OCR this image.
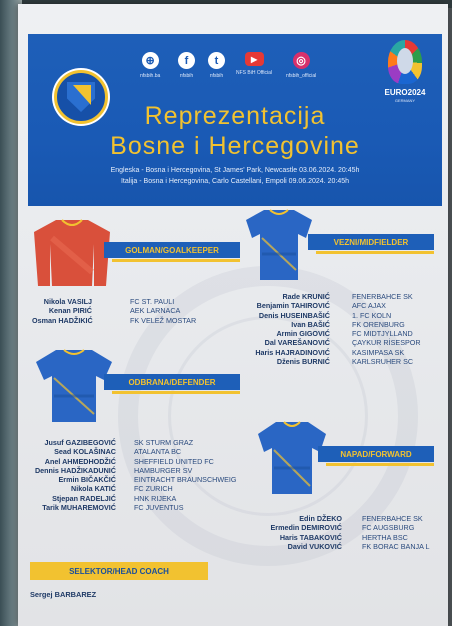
⊕
nfsbih.ba
f
nfsbih
t
nfsbih
▶
NFS BiH Official
◎
nfsbih_official
EURO2024
GERMANY
Reprezentacija
Bosne i Hercegovine
Engleska - Bosna i Hercegovina, St James' Park, Newcastle 03.06.2024. 20:45h
Italija - Bosna i Hercegovina, Carlo Castellani, Empoli 09.06.2024. 20:45h
GOLMAN/GOALKEEPER
VEZNI/MIDFIELDER
ODBRANA/DEFENDER
NAPAD/FORWARD
Nikola VASILJ
Kenan PIRIĆ
Osman HADŽIKIĆ
FC ST. PAULI
AEK LARNACA
FK VELEŽ MOSTAR
Rade KRUNIĆ
Benjamin TAHIROVIĆ
Denis HUSEINBAŠIĆ
Ivan BAŠIĆ
Armin GIGOVIĆ
Dal VAREŠANOVIĆ
Haris HAJRADINOVIĆ
Dženis BURNIĆ
FENERBAHCE SK
AFC AJAX
1. FC KOLN
FK ORENBURG
FC MIDTJYLLAND
ÇAYKUR RİSESPOR
KASIMPASA SK
KARLSRUHER SC
Jusuf GAZIBEGOVIĆ
Sead KOLAŠINAC
Anel AHMEDHODŽIĆ
Dennis HADŽIKADUNIĆ
Ermin BIČAKČIĆ
Nikola KATIĆ
Stjepan RADELJIĆ
Tarik MUHAREMOVIĆ
SK STURM GRAZ
ATALANTA BC
SHEFFIELD UNITED FC
HAMBURGER SV
EINTRACHT BRAUNSCHWEIG
FC ZURICH
HNK RIJEKA
FC JUVENTUS
Edin DŽEKO
Ermedin DEMIROVIĆ
Haris TABAKOVIĆ
David VUKOVIĆ
FENERBAHCE SK
FC AUGSBURG
HERTHA BSC
FK BORAC BANJA L
SELEKTOR/HEAD COACH
Sergej BARBAREZ
